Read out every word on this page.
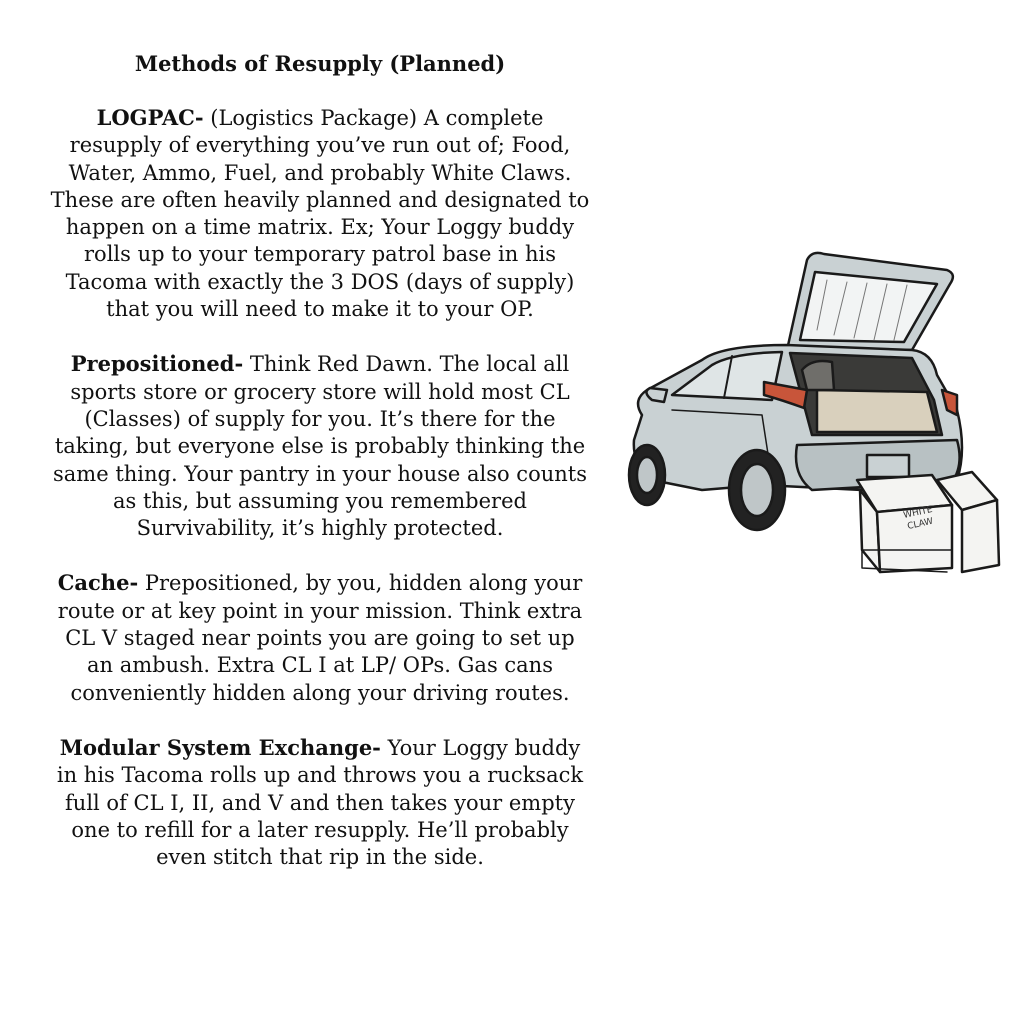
Methods of Resupply (Planned)

LOGPAC- (Logistics Package) A complete resupply of everything you’ve run out of; Food, Water, Ammo, Fuel, and probably White Claws. These are often heavily planned and designated to happen on a time matrix. Ex; Your Loggy buddy rolls up to your temporary patrol base in his Tacoma with exactly the 3 DOS (days of supply) that you will need to make it to your OP.

Prepositioned- Think Red Dawn. The local all sports store or grocery store will hold most CL (Classes) of supply for you. It’s there for the taking, but everyone else is probably thinking the same thing. Your pantry in your house also counts as this, but assuming you remembered Survivability, it’s highly protected.

Cache- Prepositioned, by you, hidden along your route or at key point in your mission. Think extra CL V staged near points you are going to set up an ambush. Extra CL I at LP/ OPs. Gas cans conveniently hidden along your driving routes.

Modular System Exchange- Your Loggy buddy in his Tacoma rolls up and throws you a rucksack full of CL I, II, and V and then takes your empty one to refill for a later resupply. He’ll probably even stitch that rip in the side.

WHITE
CLAW
